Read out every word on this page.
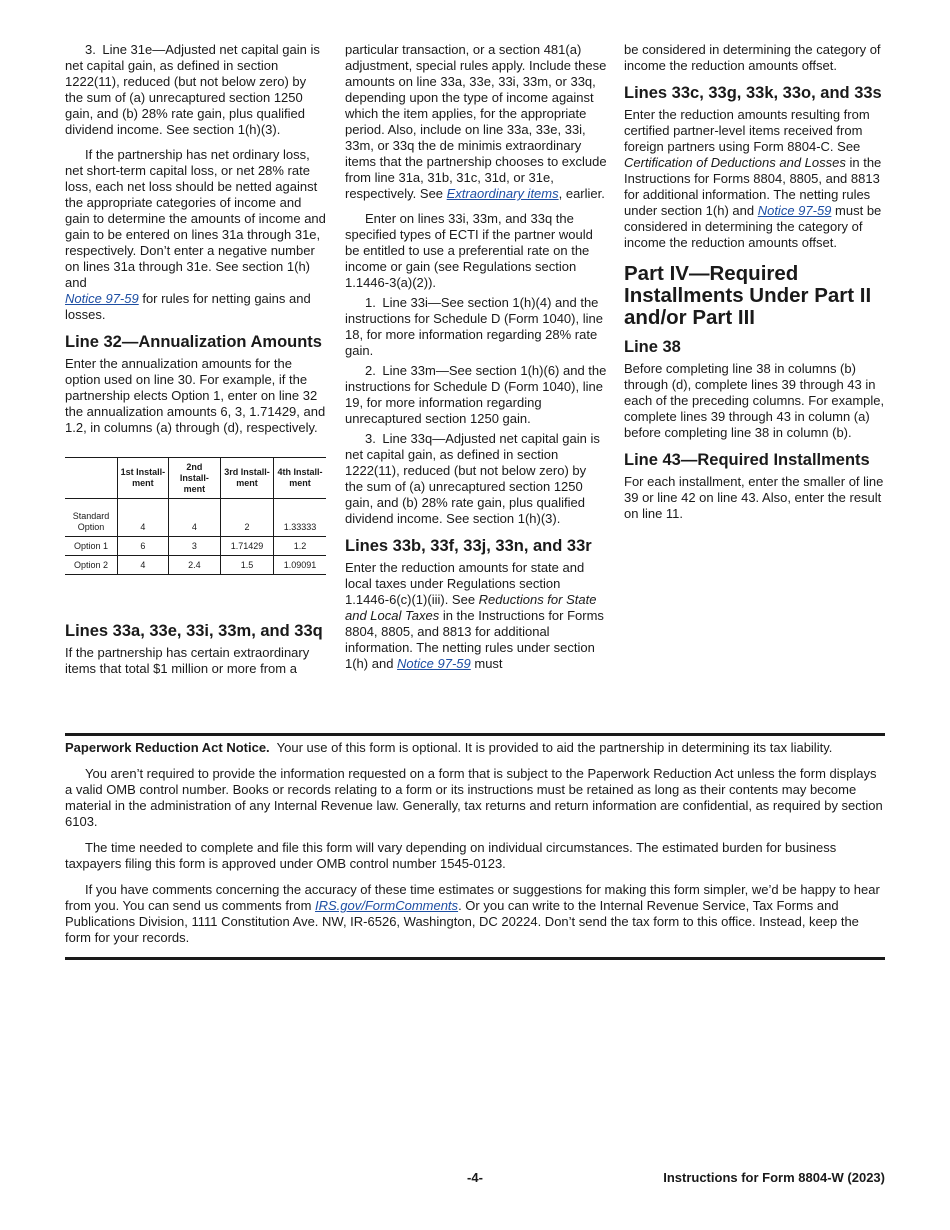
3. Line 31e—Adjusted net capital gain is net capital gain, as defined in section 1222(11), reduced (but not below zero) by the sum of (a) unrecaptured section 1250 gain, and (b) 28% rate gain, plus qualified dividend income. See section 1(h)(3).

If the partnership has net ordinary loss, net short-term capital loss, or net 28% rate loss, each net loss should be netted against the appropriate categories of income and gain to determine the amounts of income and gain to be entered on lines 31a through 31e, respectively. Don’t enter a negative number on lines 31a through 31e. See section 1(h) and
Notice 97-59 for rules for netting gains and losses.

Line 32—Annualization Amounts

Enter the annualization amounts for the option used on line 30. For example, if the partnership elects Option 1, enter on line 32 the annualization amounts 6, 3, 1.71429, and 1.2, in columns (a) through (d), respectively.

	1st Install-ment	2nd Install-ment	3rd Install-ment	4th Install-ment
Standard Option	4	4	2	1.33333
Option 1	6	3	1.71429	1.2
Option 2	4	2.4	1.5	1.09091
Lines 33a, 33e, 33i, 33m, and 33q

If the partnership has certain extraordinary items that total $1 million or more from a

particular transaction, or a section 481(a) adjustment, special rules apply. Include these amounts on line 33a, 33e, 33i, 33m, or 33q, depending upon the type of income against which the item applies, for the appropriate period. Also, include on line 33a, 33e, 33i, 33m, or 33q the de minimis extraordinary items that the partnership chooses to exclude from line 31a, 31b, 31c, 31d, or 31e, respectively. See Extraordinary items, earlier.

Enter on lines 33i, 33m, and 33q the specified types of ECTI if the partner would be entitled to use a preferential rate on the income or gain (see Regulations section 1.1446-3(a)(2)).

1. Line 33i—See section 1(h)(4) and the instructions for Schedule D (Form 1040), line 18, for more information regarding 28% rate gain.

2. Line 33m—See section 1(h)(6) and the instructions for Schedule D (Form 1040), line 19, for more information regarding unrecaptured section 1250 gain.

3. Line 33q—Adjusted net capital gain is net capital gain, as defined in section 1222(11), reduced (but not below zero) by the sum of (a) unrecaptured section 1250 gain, and (b) 28% rate gain, plus qualified dividend income. See section 1(h)(3).

Lines 33b, 33f, 33j, 33n, and 33r

Enter the reduction amounts for state and local taxes under Regulations section 1.1446-6(c)(1)(iii). See Reductions for State and Local Taxes in the Instructions for Forms 8804, 8805, and 8813 for additional information. The netting rules under section 1(h) and Notice 97-59 must

be considered in determining the category of income the reduction amounts offset.

Lines 33c, 33g, 33k, 33o, and 33s

Enter the reduction amounts resulting from certified partner-level items received from foreign partners using Form 8804-C. See Certification of Deductions and Losses in the Instructions for Forms 8804, 8805, and 8813 for additional information. The netting rules under section 1(h) and Notice 97-59 must be considered in determining the category of income the reduction amounts offset.

Part IV—Required Installments Under Part II and/or Part III
Line 38

Before completing line 38 in columns (b) through (d), complete lines 39 through 43 in each of the preceding columns. For example, complete lines 39 through 43 in column (a) before completing line 38 in column (b).

Line 43—Required Installments

For each installment, enter the smaller of line 39 or line 42 on line 43. Also, enter the result on line 11.

Paperwork Reduction Act Notice. Your use of this form is optional. It is provided to aid the partnership in determining its tax liability.

You aren’t required to provide the information requested on a form that is subject to the Paperwork Reduction Act unless the form displays a valid OMB control number. Books or records relating to a form or its instructions must be retained as long as their contents may become material in the administration of any Internal Revenue law. Generally, tax returns and return information are confidential, as required by section 6103.

The time needed to complete and file this form will vary depending on individual circumstances. The estimated burden for business taxpayers filing this form is approved under OMB control number 1545-0123.

If you have comments concerning the accuracy of these time estimates or suggestions for making this form simpler, we’d be happy to hear from you. You can send us comments from IRS.gov/FormComments. Or you can write to the Internal Revenue Service, Tax Forms and Publications Division, 1111 Constitution Ave. NW, IR-6526, Washington, DC 20224. Don’t send the tax form to this office. Instead, keep the form for your records.

-4-	Instructions for Form 8804-W (2023)
